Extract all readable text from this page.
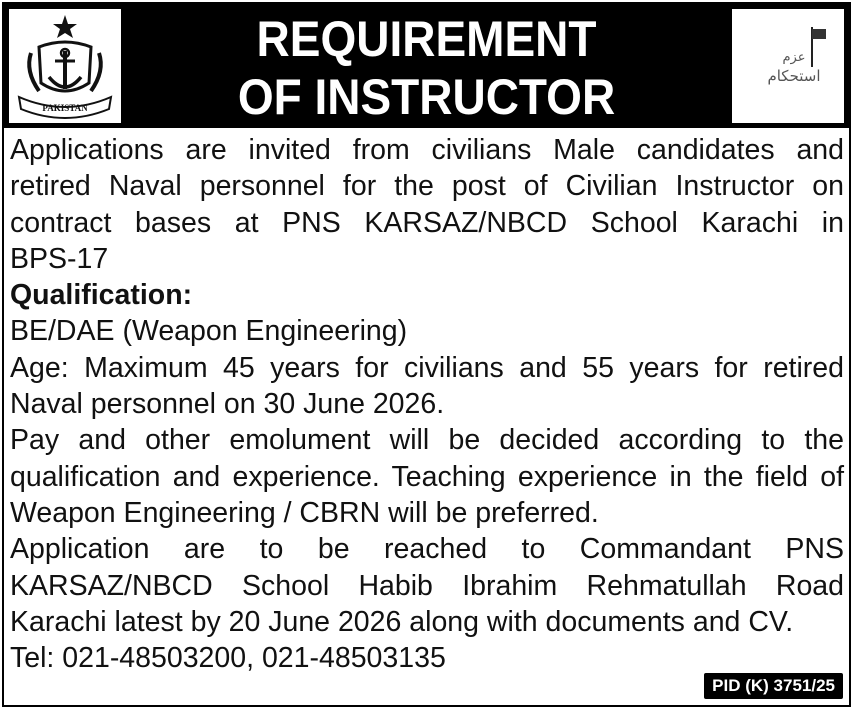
PAKISTAN
REQUIREMENT
OF INSTRUCTOR
عزم
استحکام
Applications are invited from civilians Male candidates and
retired Naval personnel for the post of Civilian Instructor on
contract bases at PNS KARSAZ/NBCD School Karachi in
BPS-17
Qualification:
BE/DAE (Weapon Engineering)
Age: Maximum 45 years for civilians and 55 years for retired
Naval personnel on 30 June 2026.
Pay and other emolument will be decided according to the
qualification and experience. Teaching experience in the field of
Weapon Engineering / CBRN will be preferred.
Application are to be reached to Commandant PNS
KARSAZ/NBCD School Habib Ibrahim Rehmatullah Road
Karachi latest by 20 June 2026 along with documents and CV.
Tel: 021-48503200, 021-48503135
PID (K) 3751/25
